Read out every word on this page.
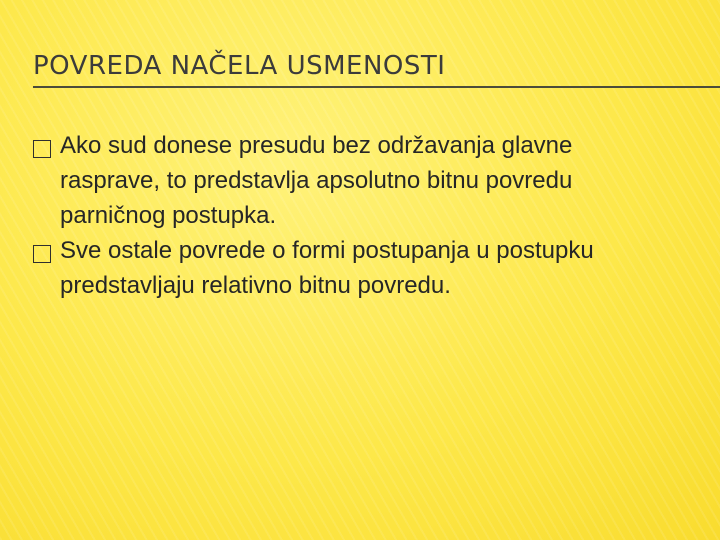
POVREDA NAČELA USMENOSTI
Ako sud donese presudu bez održavanja glavne rasprave, to predstavlja apsolutno bitnu povredu parničnog postupka.
Sve ostale povrede o formi postupanja u postupku predstavljaju relativno bitnu povredu.
